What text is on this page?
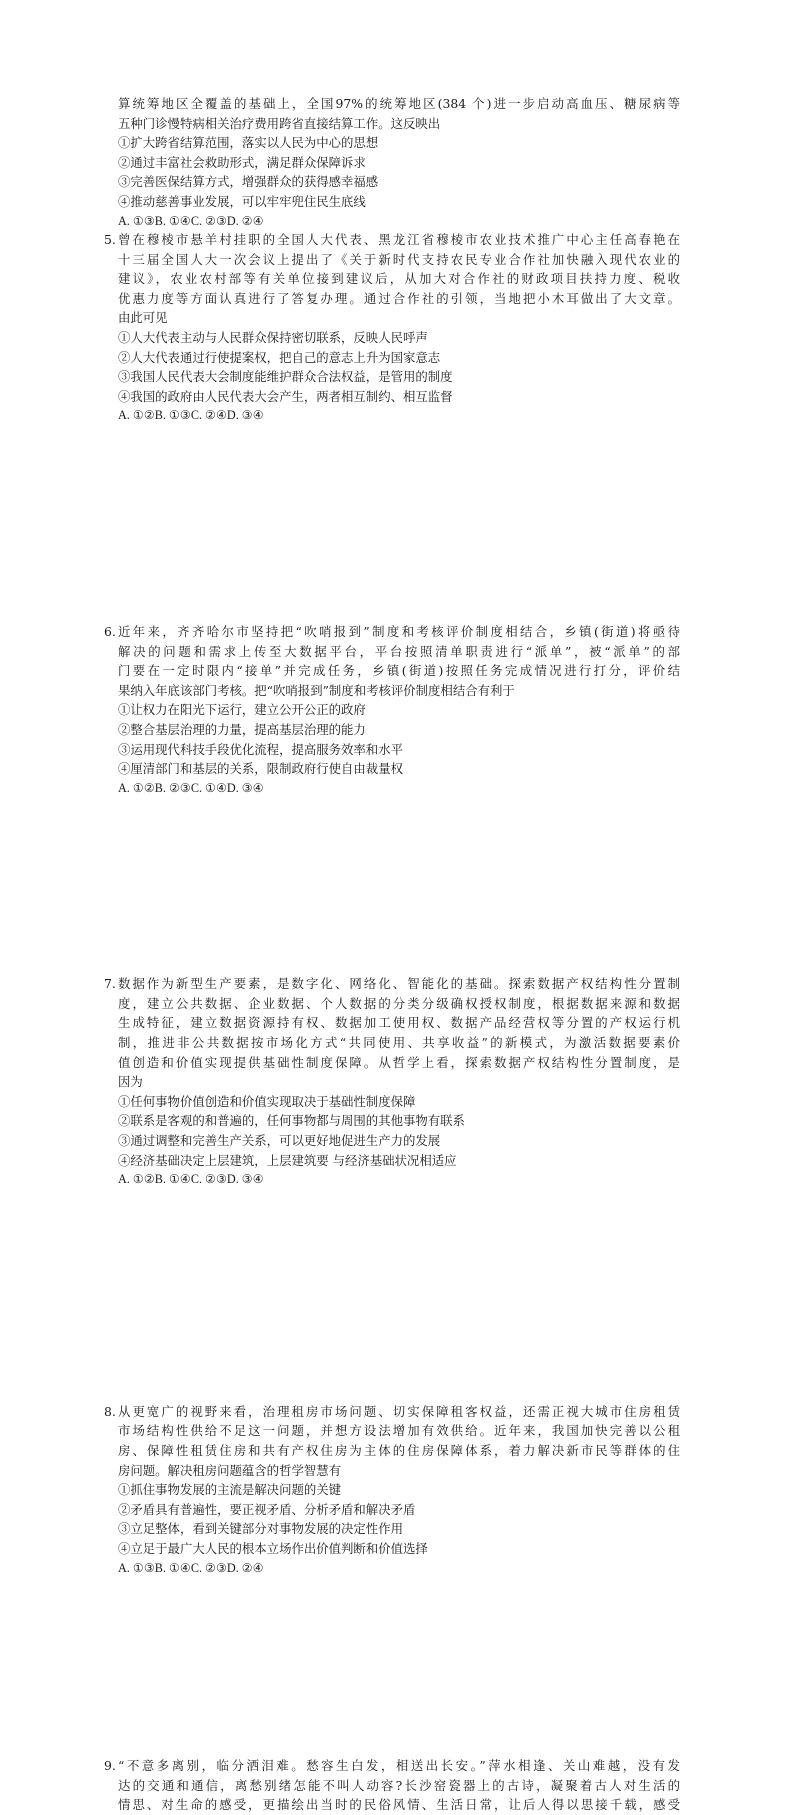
算统筹地区全覆盖的基础上，全国97%的统筹地区(384 个)进一步启动高血压、糖尿病等
五种门诊慢特病相关治疗费用跨省直接结算工作。这反映出
①扩大跨省结算范围，落实以人民为中心的思想
②通过丰富社会救助形式，满足群众保障诉求
③完善医保结算方式，增强群众的获得感幸福感
④推动慈善事业发展，可以牢牢兜住民生底线
A. ①③B. ①④C. ②③D. ②④
5. 曾在穆棱市悬羊村挂职的全国人大代表、黑龙江省穆棱市农业技术推广中心主任高春艳在
十三届全国人大一次会议上提出了《关于新时代支持农民专业合作社加快融入现代农业的
建议》，农业农村部等有关单位接到建议后，从加大对合作社的财政项目扶持力度、税收
优惠力度等方面认真进行了答复办理。通过合作社的引领，当地把小木耳做出了大文章。
由此可见
①人大代表主动与人民群众保持密切联系，反映人民呼声
②人大代表通过行使提案权，把自己的意志上升为国家意志
③我国人民代表大会制度能维护群众合法权益，是管用的制度
④我国的政府由人民代表大会产生，两者相互制约、相互监督
A. ①②B. ①③C. ②④D. ③④
6. 近年来，齐齐哈尔市坚持把“吹哨报到”制度和考核评价制度相结合，乡镇(街道)将亟待
解决的问题和需求上传至大数据平台，平台按照清单职责进行“派单”，被“派单”的部
门要在一定时限内“接单”并完成任务，乡镇(街道)按照任务完成情况进行打分，评价结
果纳入年底该部门考核。把“吹哨报到”制度和考核评价制度相结合有利于
①让权力在阳光下运行，建立公开公正的政府
②整合基层治理的力量，提高基层治理的能力
③运用现代科技手段优化流程，提高服务效率和水平
④厘清部门和基层的关系，限制政府行使自由裁量权
A. ①②B. ②③C. ①④D. ③④
7. 数据作为新型生产要素，是数字化、网络化、智能化的基础。探索数据产权结构性分置制
度，建立公共数据、企业数据、个人数据的分类分级确权授权制度，根据数据来源和数据
生成特征，建立数据资源持有权、数据加工使用权、数据产品经营权等分置的产权运行机
制，推进非公共数据按市场化方式“共同使用、共享收益”的新模式，为激活数据要素价
值创造和价值实现提供基础性制度保障。从哲学上看，探索数据产权结构性分置制度，是
因为
①任何事物价值创造和价值实现取决于基础性制度保障
②联系是客观的和普遍的，任何事物都与周围的其他事物有联系
③通过调整和完善生产关系，可以更好地促进生产力的发展
④经济基础决定上层建筑，上层建筑要 与经济基础状况相适应
A. ①②B. ①④C. ②③D. ③④
8. 从更宽广的视野来看，治理租房市场问题、切实保障租客权益，还需正视大城市住房租赁
市场结构性供给不足这一问题，并想方设法增加有效供给。近年来，我国加快完善以公租
房、保障性租赁住房和共有产权住房为主体的住房保障体系，着力解决新市民等群体的住
房问题。解决租房问题蕴含的哲学智慧有
①抓住事物发展的主流是解决问题的关键
②矛盾具有普遍性，要正视矛盾、分析矛盾和解决矛盾
③立足整体，看到关键部分对事物发展的决定性作用
④立足于最广大人民的根本立场作出价值判断和价值选择
A. ①③B. ①④C. ②③D. ②④
9. “不意多离别，临分洒泪难。愁容生白发，相送出长安。”萍水相逢、关山难越，没有发
达的交通和通信，离愁别绪怎能不叫人动容?长沙窑瓷器上的古诗，凝聚着古人对生活的
情思、对生命的感受，更描绘出当时的民俗风情、生活日常，让后人得以思接千载，感受
